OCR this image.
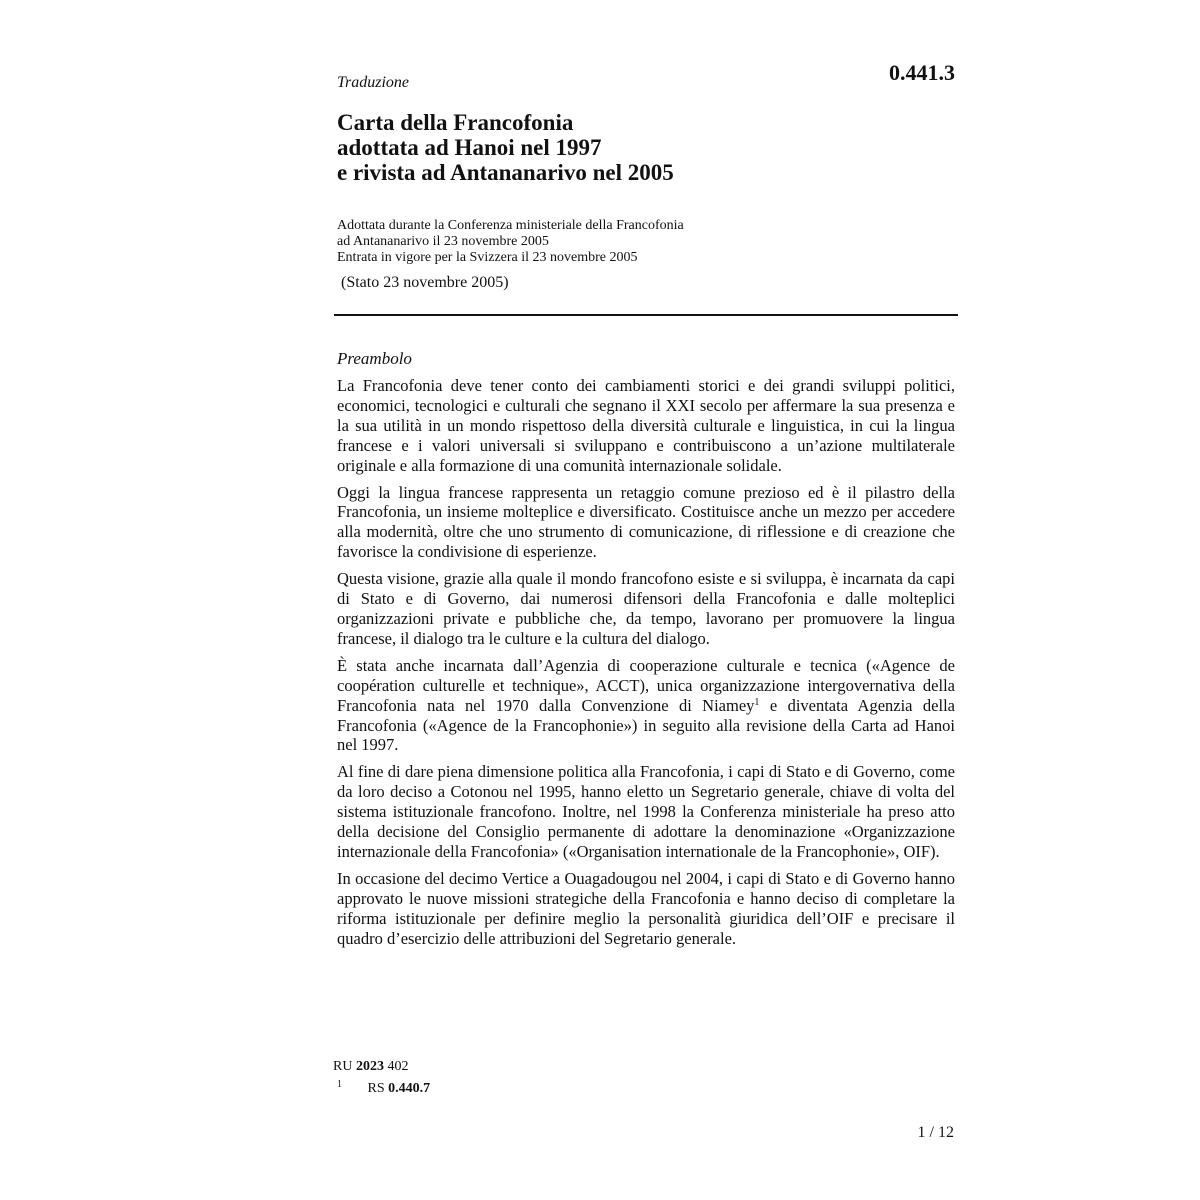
Traduzione	0.441.3
Carta della Francofonia
adottata ad Hanoi nel 1997
e rivista ad Antananarivo nel 2005
Adottata durante la Conferenza ministeriale della Francofonia
ad Antananarivo il 23 novembre 2005
Entrata in vigore per la Svizzera il 23 novembre 2005
(Stato 23 novembre 2005)
Preambolo

La Francofonia deve tener conto dei cambiamenti storici e dei grandi sviluppi politici, economici, tecnologici e culturali che segnano il XXI secolo per affermare la sua presenza e la sua utilità in un mondo rispettoso della diversità culturale e linguistica, in cui la lingua francese e i valori universali si sviluppano e contribuiscono a un’azione multilaterale originale e alla formazione di una comunità internazionale solidale.

Oggi la lingua francese rappresenta un retaggio comune prezioso ed è il pilastro della Francofonia, un insieme molteplice e diversificato. Costituisce anche un mezzo per accedere alla modernità, oltre che uno strumento di comunicazione, di riflessione e di creazione che favorisce la condivisione di esperienze.

Questa visione, grazie alla quale il mondo francofono esiste e si sviluppa, è incarnata da capi di Stato e di Governo, dai numerosi difensori della Francofonia e dalle molteplici organizzazioni private e pubbliche che, da tempo, lavorano per promuovere la lingua francese, il dialogo tra le culture e la cultura del dialogo.

È stata anche incarnata dall’Agenzia di cooperazione culturale e tecnica («Agence de coopération culturelle et technique», ACCT), unica organizzazione intergovernativa della Francofonia nata nel 1970 dalla Convenzione di Niamey$^1$ e diventata Agenzia della Francofonia («Agence de la Francophonie») in seguito alla revisione della Carta ad Hanoi nel 1997.

Al fine di dare piena dimensione politica alla Francofonia, i capi di Stato e di Governo, come da loro deciso a Cotonou nel 1995, hanno eletto un Segretario generale, chiave di volta del sistema istituzionale francofono. Inoltre, nel 1998 la Conferenza ministeriale ha preso atto della decisione del Consiglio permanente di adottare la denominazione «Organizzazione internazionale della Francofonia» («Organisation internationale de la Francophonie», OIF).

In occasione del decimo Vertice a Ouagadougou nel 2004, i capi di Stato e di Governo hanno approvato le nuove missioni strategiche della Francofonia e hanno deciso di completare la riforma istituzionale per definire meglio la personalità giuridica dell’OIF e precisare il quadro d’esercizio delle attribuzioni del Segretario generale.

RU 2023 402
$^1$ RS 0.440.7
1 / 12
